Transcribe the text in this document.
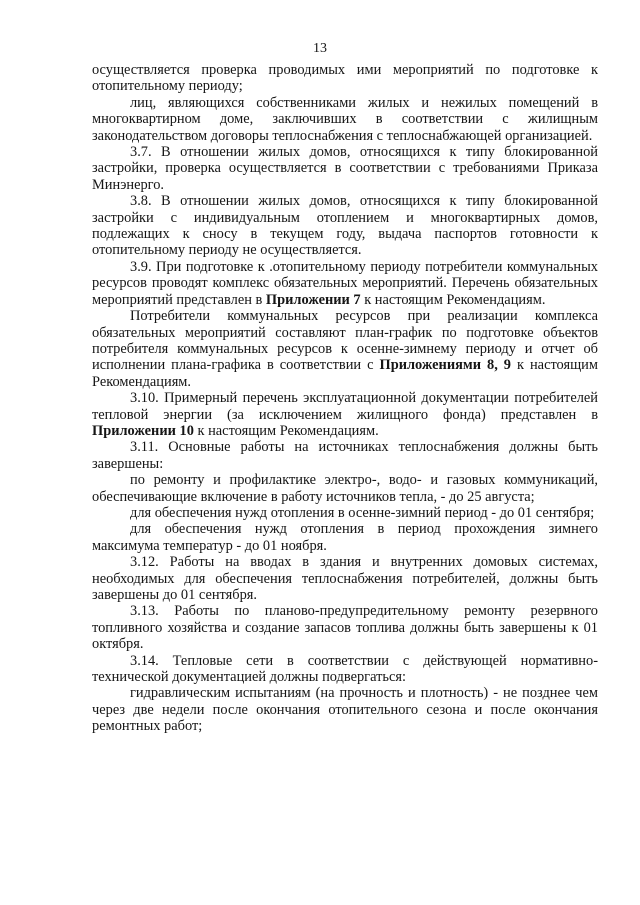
13

осуществляется проверка проводимых ими мероприятий по подготовке к отопительному периоду;

лиц, являющихся собственниками жилых и нежилых помещений в многоквартирном доме, заключивших в соответствии с жилищным законодательством договоры теплоснабжения с теплоснабжающей организацией.

3.7. В отношении жилых домов, относящихся к типу блокированной застройки, проверка осуществляется в соответствии с требованиями Приказа Минэнерго.

3.8. В отношении жилых домов, относящихся к типу блокированной застройки с индивидуальным отоплением и многоквартирных домов, подлежащих к сносу в текущем году, выдача паспортов готовности к отопительному периоду не осуществляется.

3.9. При подготовке к .отопительному периоду потребители коммунальных ресурсов проводят комплекс обязательных мероприятий. Перечень обязательных мероприятий представлен в Приложении 7 к настоящим Рекомендациям.

Потребители коммунальных ресурсов при реализации комплекса обязательных мероприятий составляют план-график по подготовке объектов потребителя коммунальных ресурсов к осенне-зимнему периоду и отчет об исполнении плана-графика в соответствии с Приложениями 8, 9 к настоящим Рекомендациям.

3.10. Примерный перечень эксплуатационной документации потребителей тепловой энергии (за исключением жилищного фонда) представлен в Приложении 10 к настоящим Рекомендациям.

3.11. Основные работы на источниках теплоснабжения должны быть завершены:

по ремонту и профилактике электро-, водо- и газовых коммуникаций, обеспечивающие включение в работу источников тепла, - до 25 августа;

для обеспечения нужд отопления в осенне-зимний период - до 01 сентября;

для обеспечения нужд отопления в период прохождения зимнего максимума температур - до 01 ноября.

3.12. Работы на вводах в здания и внутренних домовых системах, необходимых для обеспечения теплоснабжения потребителей, должны быть завершены до 01 сентября.

3.13. Работы по планово-предупредительному ремонту резервного топливного хозяйства и создание запасов топлива должны быть завершены к 01 октября.

3.14. Тепловые сети в соответствии с действующей нормативно-технической документацией должны подвергаться:

гидравлическим испытаниям (на прочность и плотность) - не позднее чем через две недели после окончания отопительного сезона и после окончания ремонтных работ;
